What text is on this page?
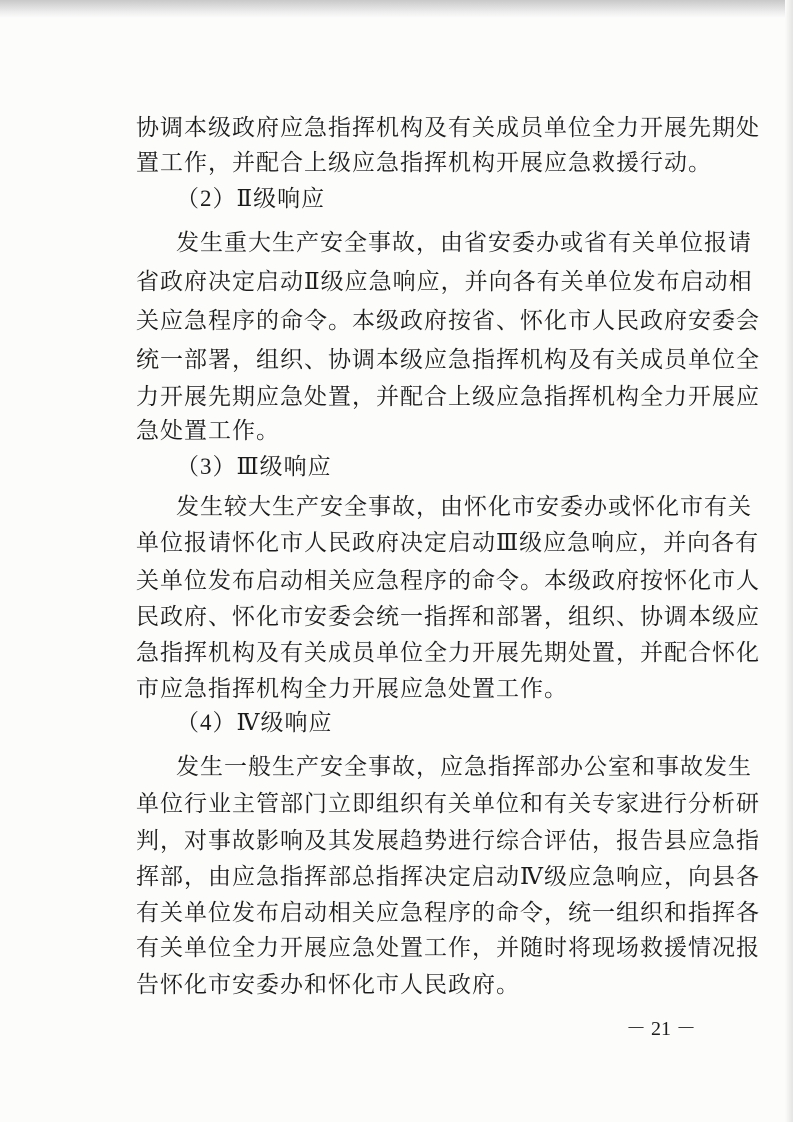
协调本级政府应急指挥机构及有关成员单位全力开展先期处
置工作，并配合上级应急指挥机构开展应急救援行动。
（2）Ⅱ级响应
发生重大生产安全事故，由省安委办或省有关单位报请
省政府决定启动Ⅱ级应急响应，并向各有关单位发布启动相
关应急程序的命令。本级政府按省、怀化市人民政府安委会
统一部署，组织、协调本级应急指挥机构及有关成员单位全
力开展先期应急处置，并配合上级应急指挥机构全力开展应
急处置工作。
（3）Ⅲ级响应
发生较大生产安全事故，由怀化市安委办或怀化市有关
单位报请怀化市人民政府决定启动Ⅲ级应急响应，并向各有
关单位发布启动相关应急程序的命令。本级政府按怀化市人
民政府、怀化市安委会统一指挥和部署，组织、协调本级应
急指挥机构及有关成员单位全力开展先期处置，并配合怀化
市应急指挥机构全力开展应急处置工作。
（4）Ⅳ级响应
发生一般生产安全事故，应急指挥部办公室和事故发生
单位行业主管部门立即组织有关单位和有关专家进行分析研
判，对事故影响及其发展趋势进行综合评估，报告县应急指
挥部，由应急指挥部总指挥决定启动Ⅳ级应急响应，向县各
有关单位发布启动相关应急程序的命令，统一组织和指挥各
有关单位全力开展应急处置工作，并随时将现场救援情况报
告怀化市安委办和怀化市人民政府。
－ 21 －
